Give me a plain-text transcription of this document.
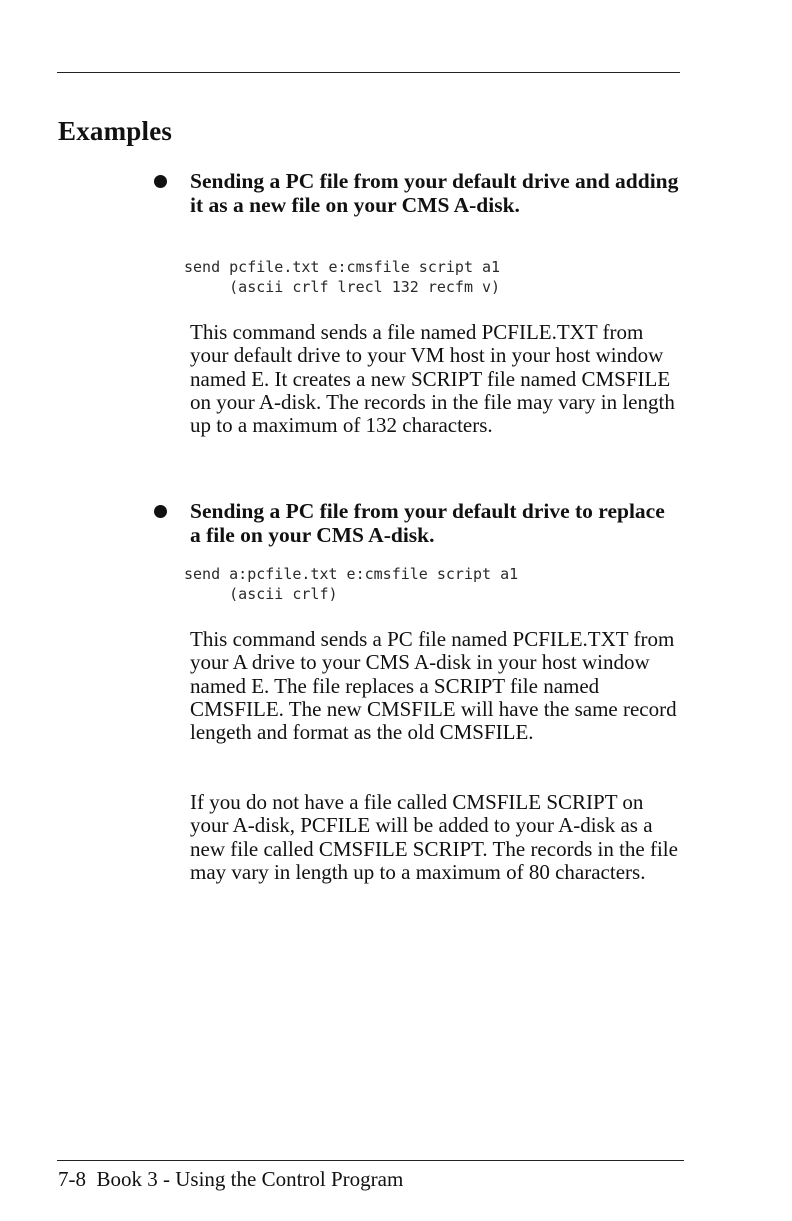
Examples

Sending a PC file from your default drive and adding it as a new file on your CMS A-disk.

send pcfile.txt e:cmsfile script a1
(ascii crlf lrecl 132 recfm v)

This command sends a file named PCFILE.TXT from your default drive to your VM host in your host window named E. It creates a new SCRIPT file named CMSFILE on your A-disk. The records in the file may vary in length up to a maximum of 132 characters.

Sending a PC file from your default drive to replace a file on your CMS A-disk.

send a:pcfile.txt e:cmsfile script a1
(ascii crlf)

This command sends a PC file named PCFILE.TXT from your A drive to your CMS A-disk in your host window named E. The file replaces a SCRIPT file named CMSFILE. The new CMSFILE will have the same record lengeth and format as the old CMSFILE.

If you do not have a file called CMSFILE SCRIPT on your A-disk, PCFILE will be added to your A-disk as a new file called CMSFILE SCRIPT. The records in the file may vary in length up to a maximum of 80 characters.

7-8 Book 3 - Using the Control Program
